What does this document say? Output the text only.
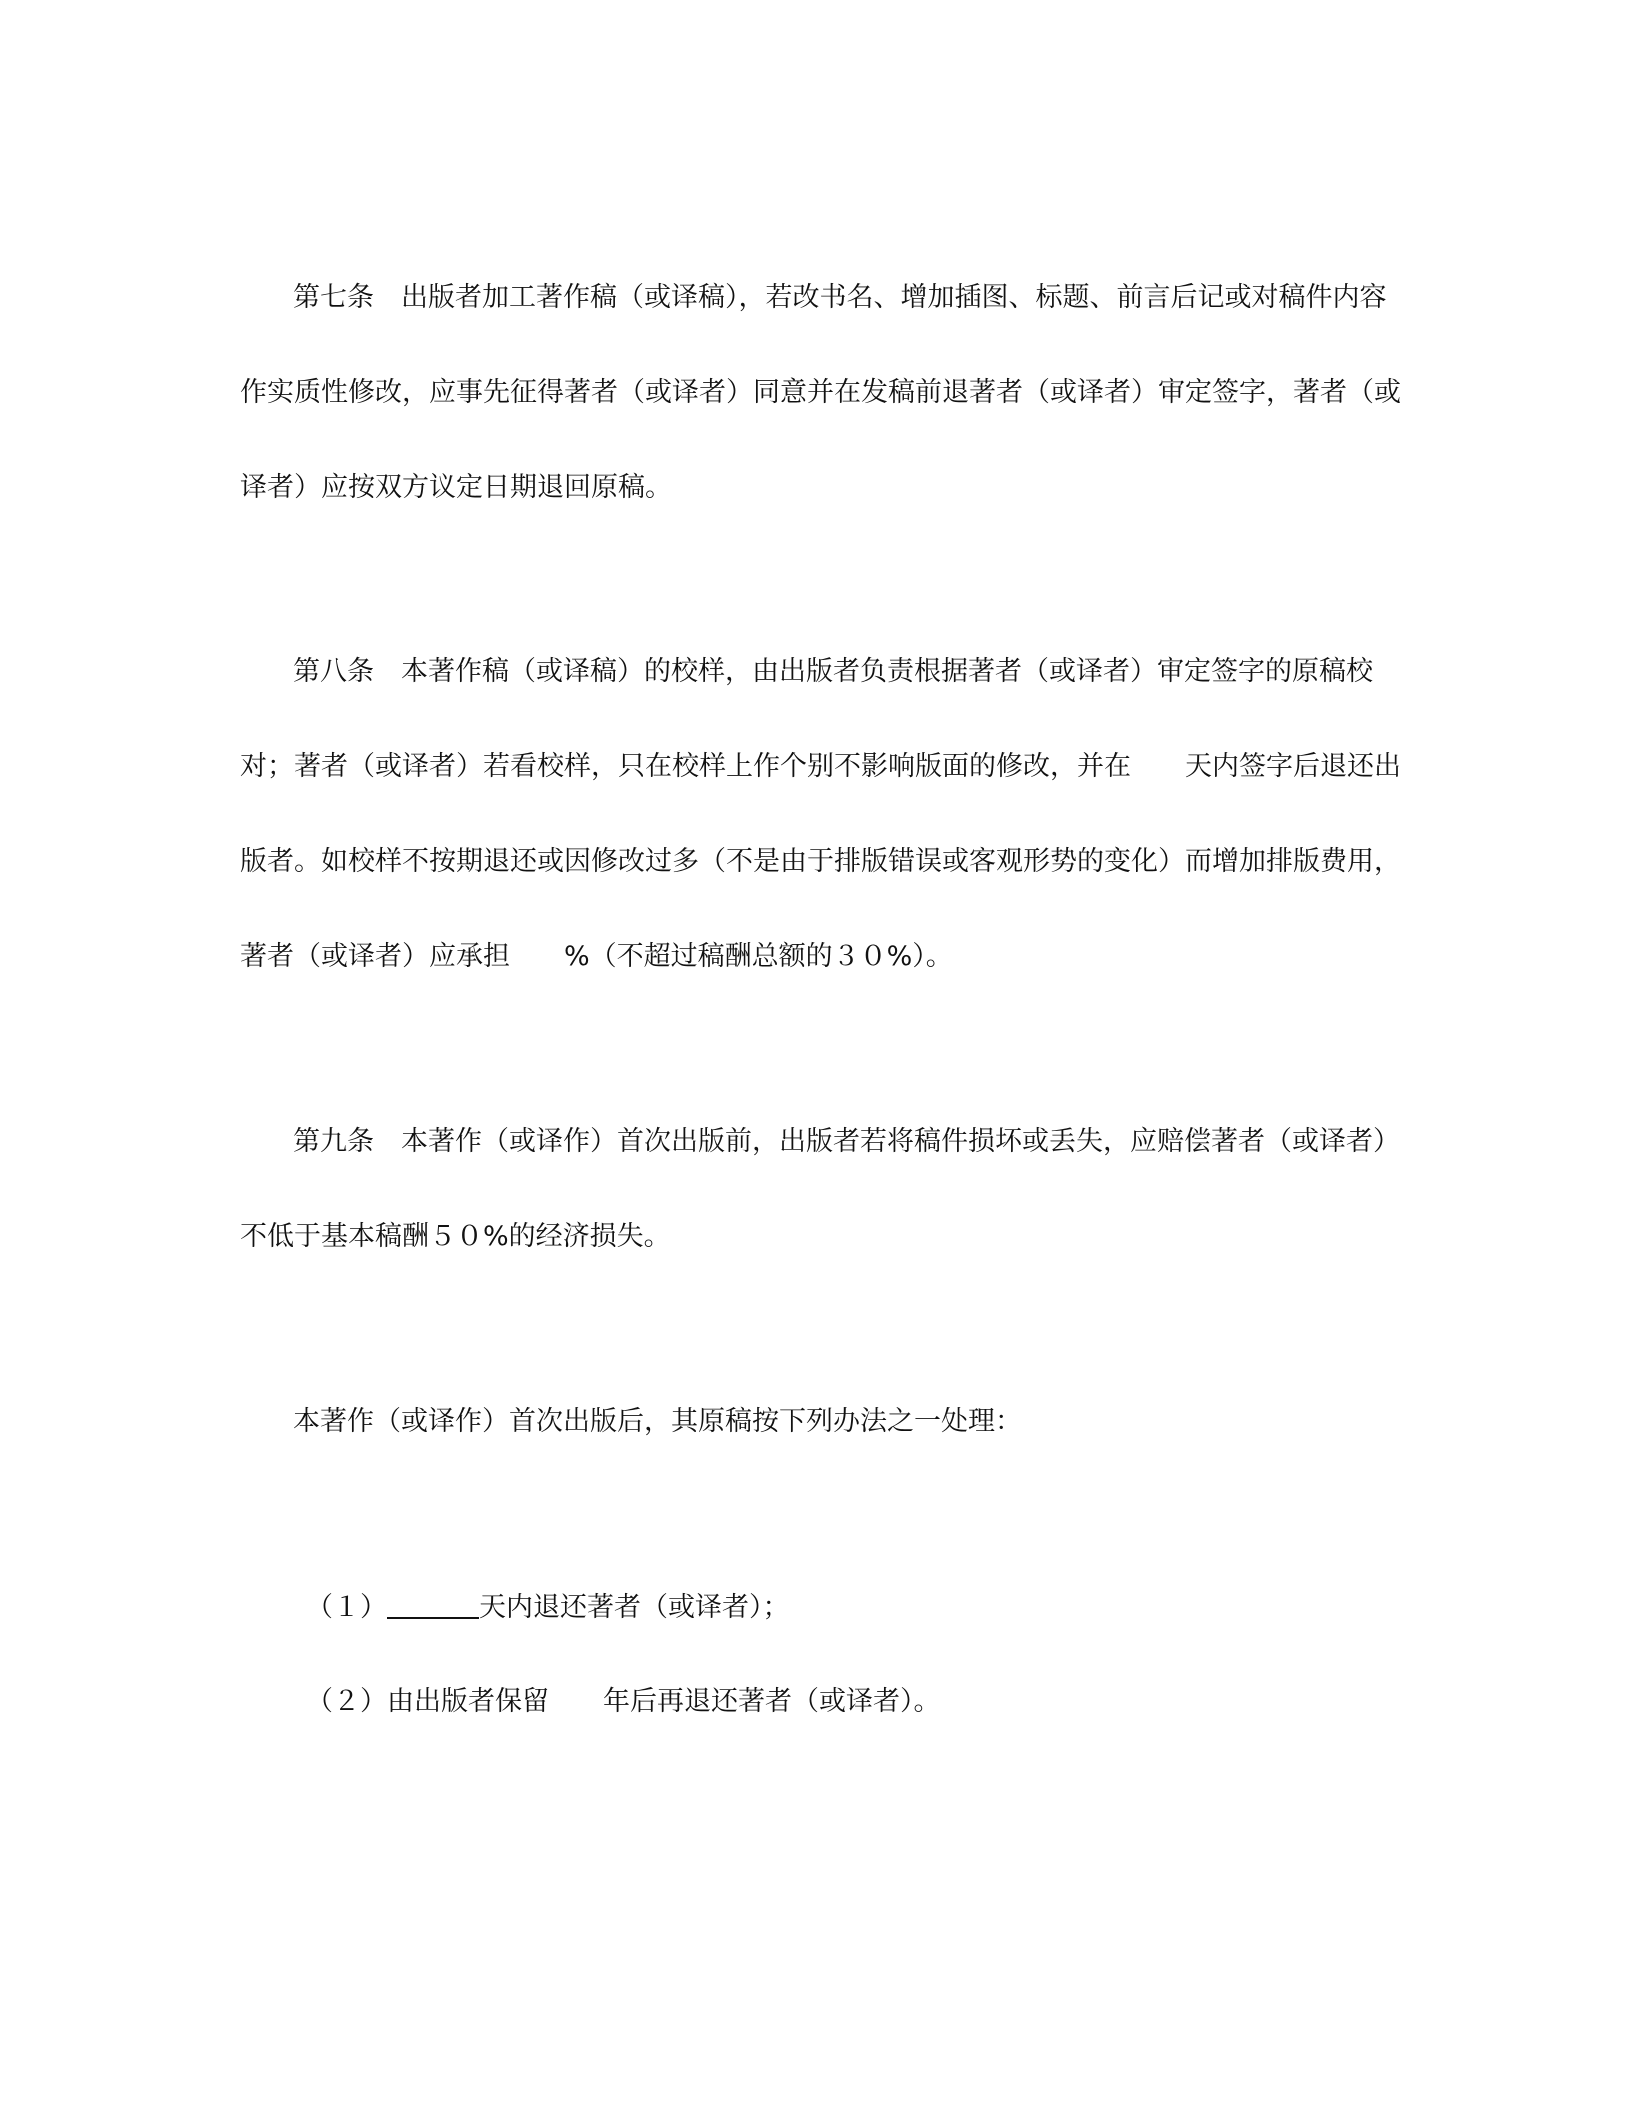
第七条　出版者加工著作稿（或译稿），若改书名、增加插图、标题、前言后记或对稿件内容
作实质性修改，应事先征得著者（或译者）同意并在发稿前退著者（或译者）审定签字，著者（或
译者）应按双方议定日期退回原稿。
第八条　本著作稿（或译稿）的校样，由出版者负责根据著者（或译者）审定签字的原稿校
对；著者（或译者）若看校样，只在校样上作个别不影响版面的修改，并在 天内签字后退还出
版者。如校样不按期退还或因修改过多（不是由于排版错误或客观形势的变化）而增加排版费用，
著者（或译者）应承担 %（不超过稿酬总额的３０%）。
第九条　本著作（或译作）首次出版前，出版者若将稿件损坏或丢失，应赔偿著者（或译者）
不低于基本稿酬５０%的经济损失。
本著作（或译作）首次出版后，其原稿按下列办法之一处理：
（１）	天内退还著者（或译者）；
（２）由出版者保留 年后再退还著者（或译者）。
